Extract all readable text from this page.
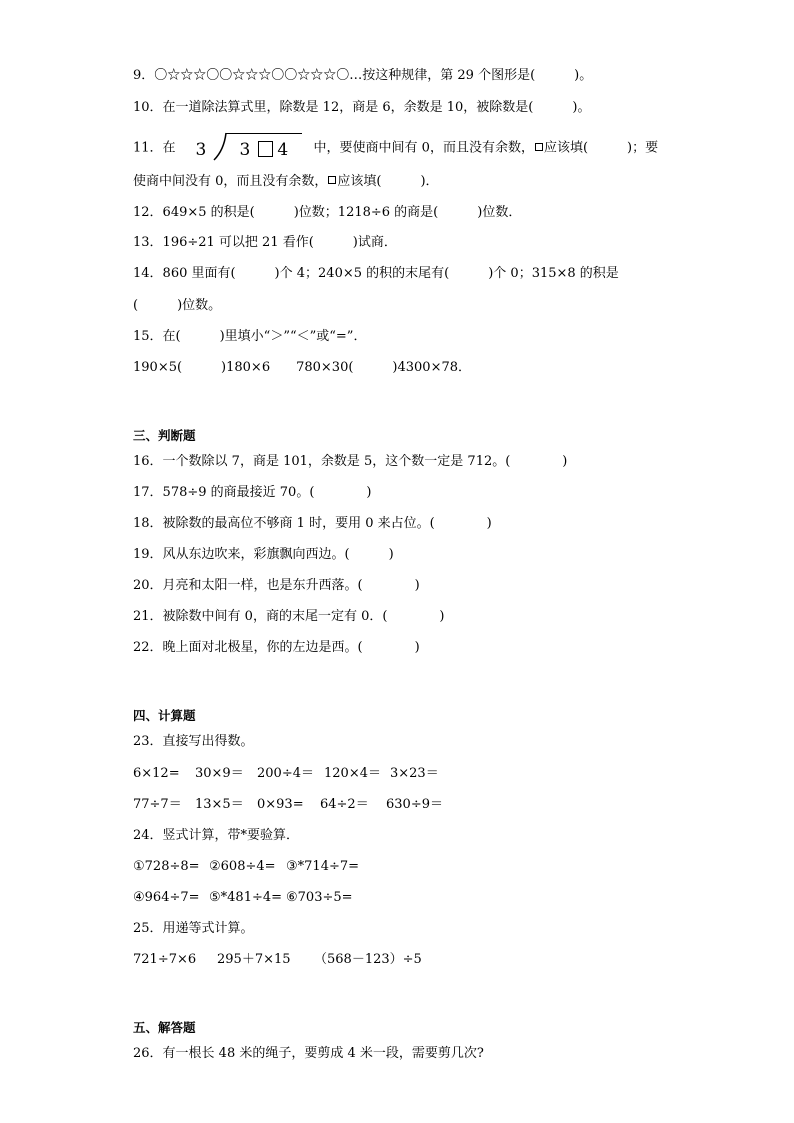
9．〇☆☆☆〇〇☆☆☆〇〇☆☆☆〇…按这种规律，第 29 个图形是(　　　)。
10．在一道除法算式里，除数是 12，商是 6，余数是 10，被除数是(　　　)。
11．在 3 3 4 中，要使商中间有 0，而且没有余数， 应该填(　　　)；要
使商中间没有 0，而且没有余数， 应该填(　　　)．
12．649×5 的积是(　　　)位数；1218÷6 的商是(　　　)位数．
13．196÷21 可以把 21 看作(　　　)试商．
14．860 里面有(　　　)个 4；240×5 的积的末尾有(　　　)个 0；315×8 的积是
(　　　)位数。
15．在(　　　)里填小“＞”“＜”或“=”．
190×5(　　　)180×6　　780×30(　　　)4300×78．
三、判断题
16．一个数除以 7，商是 101，余数是 5，这个数一定是 712。(　　　　)
17．578÷9 的商最接近 70。(　　　　)
18．被除数的最高位不够商 1 时，要用 0 来占位。(　　　　)
19．风从东边吹来，彩旗飘向西边。(　　　)
20．月亮和太阳一样，也是东升西落。(　　　　)
21．被除数中间有 0，商的末尾一定有 0．(　　　　)
22．晚上面对北极星，你的左边是西。(　　　　)
四、计算题
23．直接写出得数。
6×12= 30×9＝ 200÷4＝ 120×4＝ 3×23＝
77÷7＝ 13×5＝ 0×93= 64÷2＝ 630÷9＝
24．竖式计算，带*要验算．
①728÷8= ②608÷4= ③*714÷7=
④964÷7= ⑤*481÷4= ⑥703÷5=
25．用递等式计算。
721÷7×6 295＋7×15 （568－123）÷5
五、解答题
26．有一根长 48 米的绳子，要剪成 4 米一段，需要剪几次?
